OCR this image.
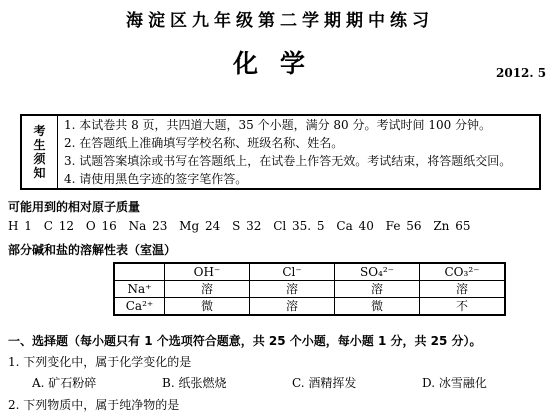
海淀区九年级第二学期期中练习
化学	2012. 5
考
生
须
知
1. 本试卷共 8 页，共四道大题，35 个小题，满分 80 分。考试时间 100 分钟。
2. 在答题纸上准确填写学校名称、班级名称、姓名。
3. 试题答案填涂或书写在答题纸上，在试卷上作答无效。考试结束，将答题纸交回。
4. 请使用黑色字迹的签字笔作答。
可能用到的相对原子质量
H 1 C 12 O 16 Na 23 Mg 24 S 32 Cl 35. 5 Ca 40 Fe 56 Zn 65
部分碱和盐的溶解性表（室温）
	OH⁻	Cl⁻	SO₄²⁻	CO₃²⁻
Na⁺	溶	溶	溶	溶
Ca²⁺	微	溶	微	不
一、选择题（每小题只有 1 个选项符合题意，共 25 个小题，每小题 1 分，共 25 分）。
1. 下列变化中，属于化学变化的是
A. 矿石粉碎	B. 纸张燃烧	C. 酒精挥发	D. 冰雪融化
2. 下列物质中，属于纯净物的是
